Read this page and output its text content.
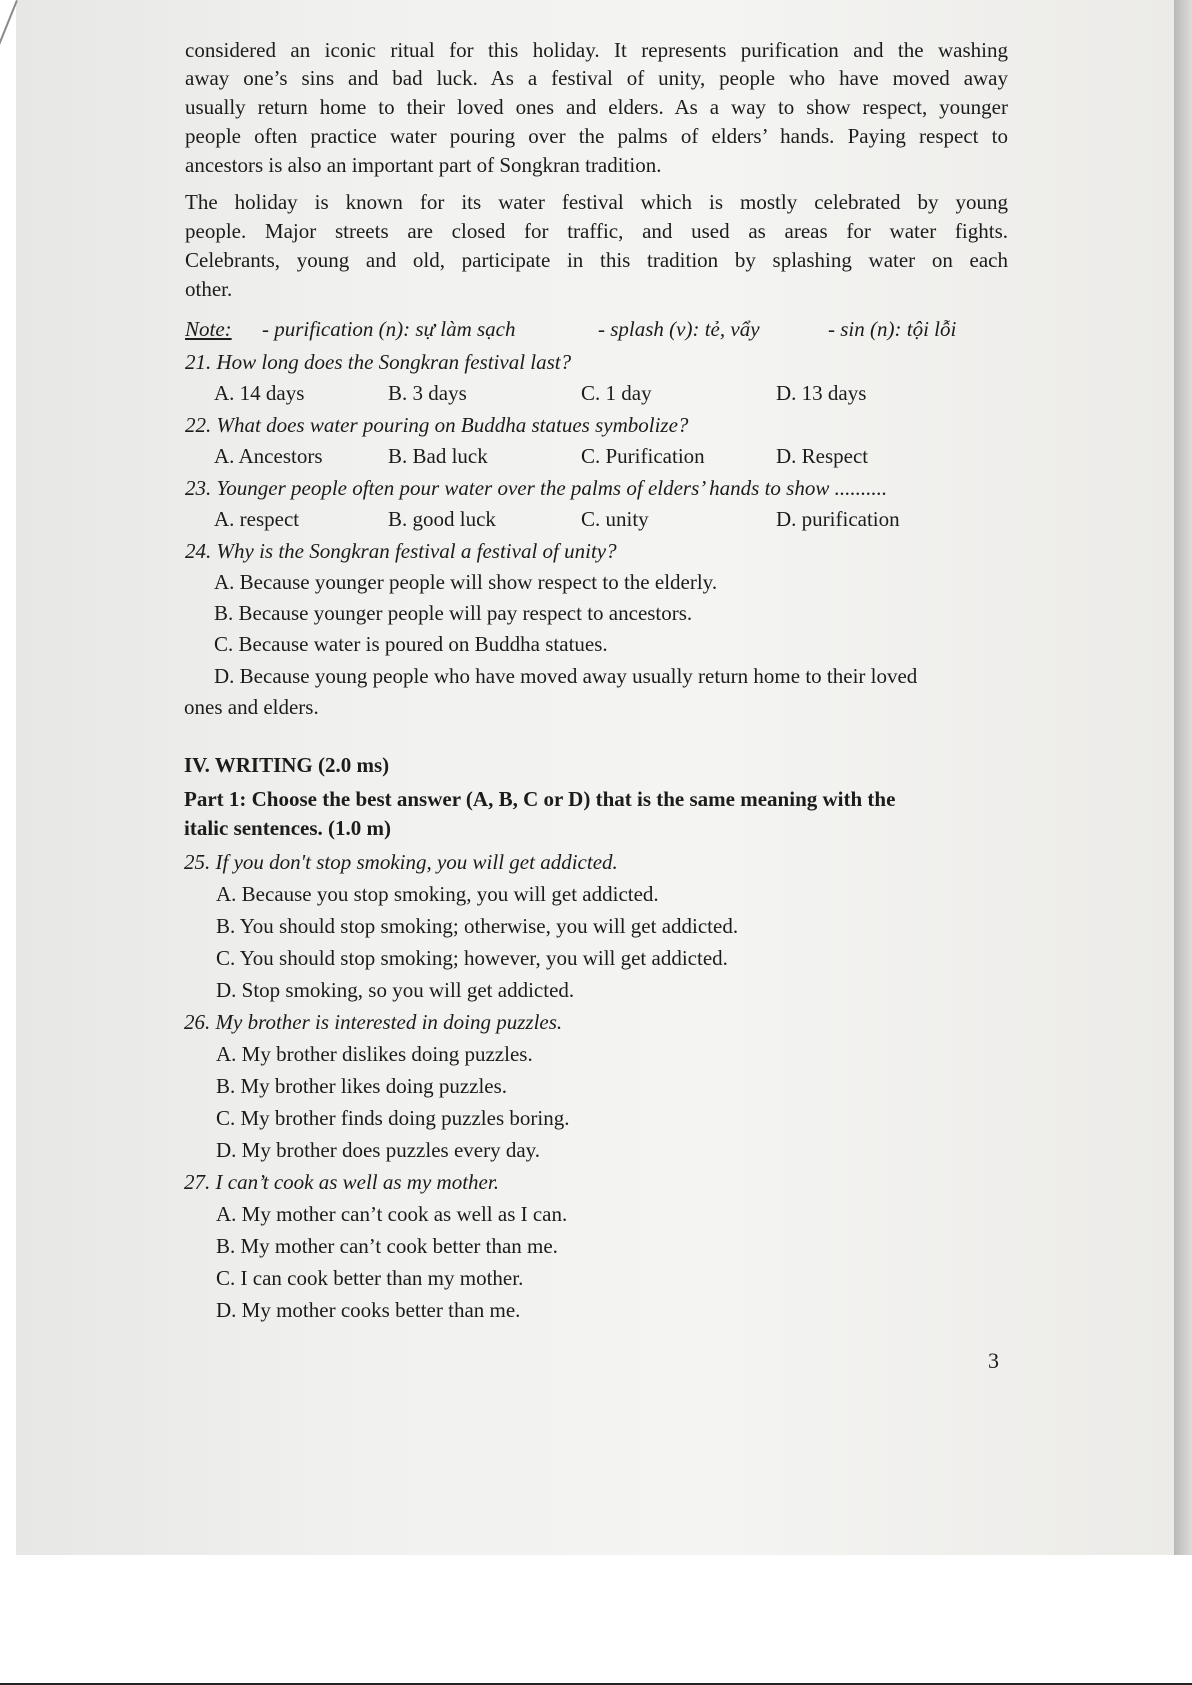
considered an iconic ritual for this holiday. It represents purification and the washing
away one’s sins and bad luck. As a festival of unity, people who have moved away
usually return home to their loved ones and elders. As a way to show respect, younger
people often practice water pouring over the palms of elders’ hands. Paying respect to
ancestors is also an important part of Songkran tradition.
The holiday is known for its water festival which is mostly celebrated by young
people. Major streets are closed for traffic, and used as areas for water fights.
Celebrants, young and old, participate in this tradition by splashing water on each
other.
Note: - purification (n): sự làm sạch	- splash (v): tẻ, vẩy	- sin (n): tội lỗi
21. How long does the Songkran festival last?
A. 14 days	B. 3 days	C. 1 day	D. 13 days
22. What does water pouring on Buddha statues symbolize?
A. Ancestors	B. Bad luck	C. Purification	D. Respect
23. Younger people often pour water over the palms of elders’ hands to show ..........
A. respect	B. good luck	C. unity	D. purification
24. Why is the Songkran festival a festival of unity?
A. Because younger people will show respect to the elderly.
B. Because younger people will pay respect to ancestors.
C. Because water is poured on Buddha statues.
D. Because young people who have moved away usually return home to their loved
ones and elders.
IV. WRITING (2.0 ms)
Part 1: Choose the best answer (A, B, C or D) that is the same meaning with the
italic sentences. (1.0 m)
25. If you don't stop smoking, you will get addicted.
A. Because you stop smoking, you will get addicted.
B. You should stop smoking; otherwise, you will get addicted.
C. You should stop smoking; however, you will get addicted.
D. Stop smoking, so you will get addicted.
26. My brother is interested in doing puzzles.
A. My brother dislikes doing puzzles.
B. My brother likes doing puzzles.
C. My brother finds doing puzzles boring.
D. My brother does puzzles every day.
27. I can’t cook as well as my mother.
A. My mother can’t cook as well as I can.
B. My mother can’t cook better than me.
C. I can cook better than my mother.
D. My mother cooks better than me.
3
